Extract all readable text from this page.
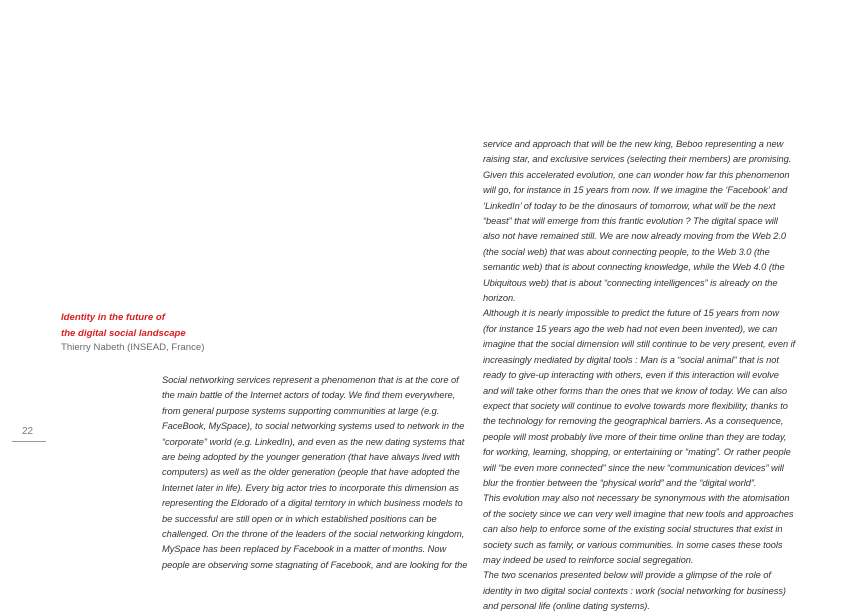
Identity in the future of
the digital social landscape
Thierry Nabeth (INSEAD, France)
22

Social networking services represent a phenomenon that is at the core of

the main battle of the Internet actors of today. We find them everywhere,

from general purpose systems supporting communities at large (e.g.

FaceBook, MySpace), to social networking systems used to network in the

“corporate” world (e.g. LinkedIn), and even as the new dating systems that

are being adopted by the younger generation (that have always lived with

computers) as well as the older generation (people that have adopted the

Internet later in life). Every big actor tries to incorporate this dimension as

representing the Eldorado of a digital territory in which business models to

be successful are still open or in which established positions can be

challenged. On the throne of the leaders of the social networking kingdom,

MySpace has been replaced by Facebook in a matter of months. Now

people are observing some stagnating of Facebook, and are looking for the

service and approach that will be the new king, Beboo representing a new

raising star, and exclusive services (selecting their members) are promising.

Given this accelerated evolution, one can wonder how far this phenomenon

will go, for instance in 15 years from now. If we imagine the ‘Facebook’ and

‘LinkedIn’ of today to be the dinosaurs of tomorrow, what will be the next

“beast” that will emerge from this frantic evolution ? The digital space will

also not have remained still. We are now already moving from the Web 2.0

(the social web) that was about connecting people, to the Web 3.0 (the

semantic web) that is about connecting knowledge, while the Web 4.0 (the

Ubiquitous web) that is about “connecting intelligences” is already on the

horizon.

Although it is nearly impossible to predict the future of 15 years from now

(for instance 15 years ago the web had not even been invented), we can

imagine that the social dimension will still continue to be very present, even if

increasingly mediated by digital tools : Man is a “social animal” that is not

ready to give-up interacting with others, even if this interaction will evolve

and will take other forms than the ones that we know of today. We can also

expect that society will continue to evolve towards more flexibility, thanks to

the technology for removing the geographical barriers. As a consequence,

people will most probably live more of their time online than they are today,

for working, learning, shopping, or entertaining or “mating”. Or rather people

will “be even more connected” since the new “communication devices” will

blur the frontier between the “physical world” and the “digital world”.

This evolution may also not necessary be synonymous with the atomisation

of the society since we can very well imagine that new tools and approaches

can also help to enforce some of the existing social structures that exist in

society such as family, or various communities. In some cases these tools

may indeed be used to reinforce social segregation.

The two scenarios presented below will provide a glimpse of the role of

identity in two digital social contexts : work (social networking for business)

and personal life (online dating systems).
